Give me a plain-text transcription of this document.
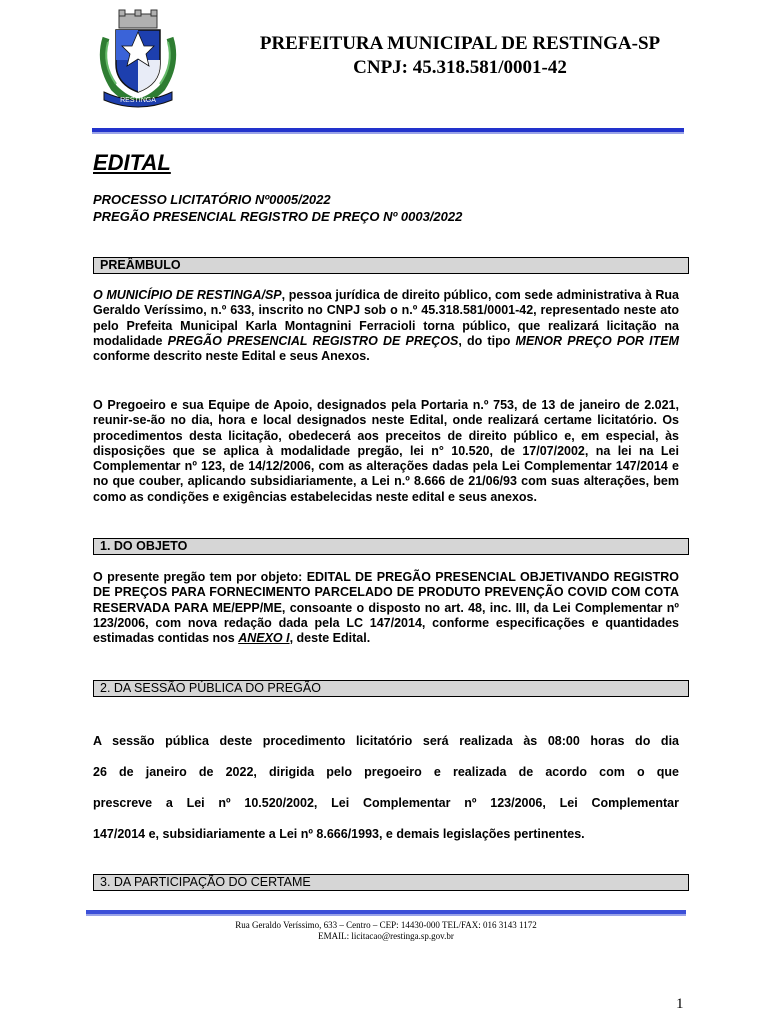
RESTINGA
PREFEITURA MUNICIPAL DE RESTINGA-SP
CNPJ: 45.318.581/0001-42
EDITAL
PROCESSO LICITATÓRIO Nº0005/2022
PREGÃO PRESENCIAL REGISTRO DE PREÇO Nº 0003/2022
PREÂMBULO
O MUNICÍPIO DE RESTINGA/SP, pessoa jurídica de direito público, com sede administrativa à Rua Geraldo Veríssimo, n.º 633, inscrito no CNPJ sob o n.º 45.318.581/0001-42, representado neste ato pelo Prefeita Municipal Karla Montagnini Ferracioli torna público, que realizará licitação na modalidade PREGÃO PRESENCIAL REGISTRO DE PREÇOS, do tipo MENOR PREÇO POR ITEM conforme descrito neste Edital e seus Anexos.
O Pregoeiro e sua Equipe de Apoio, designados pela Portaria n.º 753, de 13 de janeiro de 2.021, reunir-se-ão no dia, hora e local designados neste Edital, onde realizará certame licitatório. Os procedimentos desta licitação, obedecerá aos preceitos de direito público e, em especial, às disposições que se aplica à modalidade pregão, lei n° 10.520, de 17/07/2002, na lei na Lei Complementar nº 123, de 14/12/2006, com as alterações dadas pela Lei Complementar 147/2014 e no que couber, aplicando subsidiariamente, a Lei n.º 8.666 de 21/06/93 com suas alterações, bem como as condições e exigências estabelecidas neste edital e seus anexos.
1. DO OBJETO
O presente pregão tem por objeto: EDITAL DE PREGÃO PRESENCIAL OBJETIVANDO REGISTRO DE PREÇOS PARA FORNECIMENTO PARCELADO DE PRODUTO PREVENÇÃO COVID COM COTA RESERVADA PARA ME/EPP/ME, consoante o disposto no art. 48, inc. III, da Lei Complementar nº 123/2006, com nova redação dada pela LC 147/2014, conforme especificações e quantidades estimadas contidas nos ANEXO I, deste Edital.
2. DA SESSÃO PÚBLICA DO PREGÃO
A sessão pública deste procedimento licitatório será realizada às 08:00 horas do dia
26 de janeiro de 2022, dirigida pelo pregoeiro e realizada de acordo com o que
prescreve a Lei nº 10.520/2002, Lei Complementar nº 123/2006, Lei Complementar
147/2014 e, subsidiariamente a Lei nº 8.666/1993, e demais legislações pertinentes.
3. DA PARTICIPAÇÃO DO CERTAME
Rua Geraldo Veríssimo, 633 – Centro – CEP: 14430-000 TEL/FAX: 016 3143 1172
EMAIL: licitacao@restinga.sp.gov.br
1
